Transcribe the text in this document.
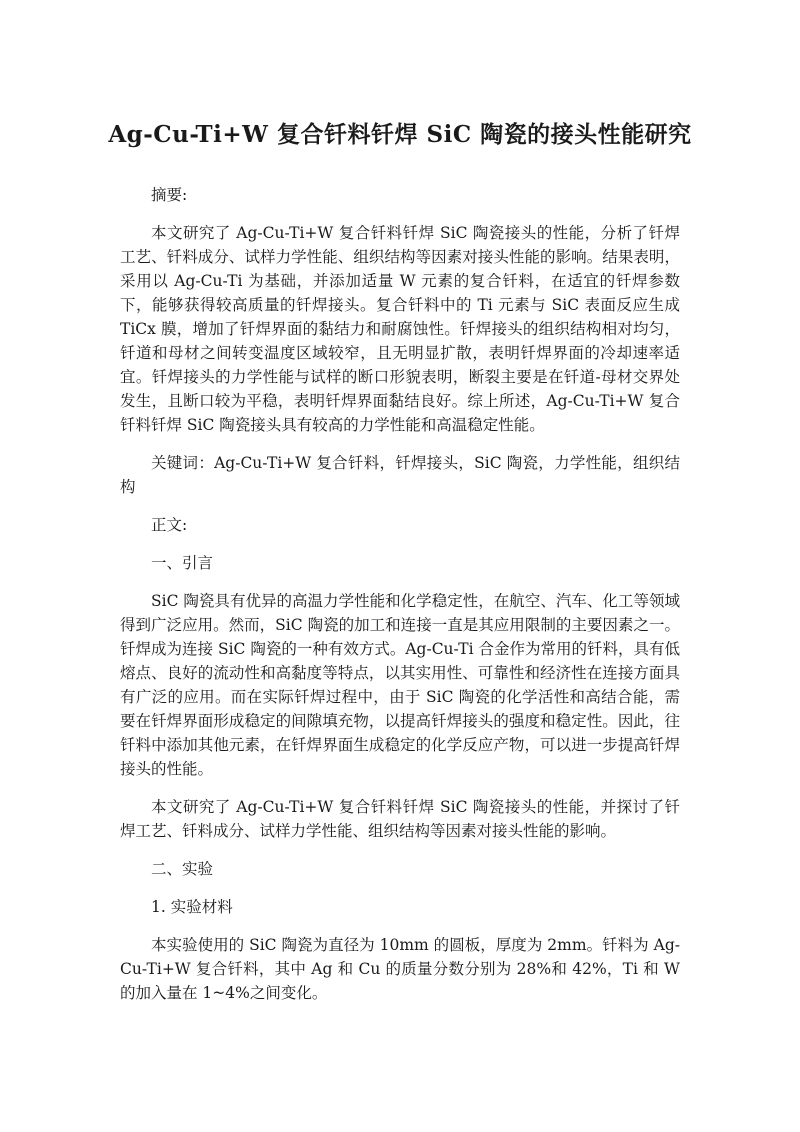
Ag-Cu-Ti+W 复合钎料钎焊 SiC 陶瓷的接头性能研究

摘要:

本文研究了 Ag-Cu-Ti+W 复合钎料钎焊 SiC 陶瓷接头的性能，分析了钎焊工艺、钎料成分、试样力学性能、组织结构等因素对接头性能的影响。结果表明，采用以 Ag-Cu-Ti 为基础，并添加适量 W 元素的复合钎料，在适宜的钎焊参数下，能够获得较高质量的钎焊接头。复合钎料中的 Ti 元素与 SiC 表面反应生成 TiCx 膜，增加了钎焊界面的黏结力和耐腐蚀性。钎焊接头的组织结构相对均匀，钎道和母材之间转变温度区域较窄，且无明显扩散，表明钎焊界面的冷却速率适宜。钎焊接头的力学性能与试样的断口形貌表明，断裂主要是在钎道-母材交界处发生，且断口较为平稳，表明钎焊界面黏结良好。综上所述，Ag-Cu-Ti+W 复合钎料钎焊 SiC 陶瓷接头具有较高的力学性能和高温稳定性能。

关键词：Ag-Cu-Ti+W 复合钎料，钎焊接头，SiC 陶瓷，力学性能，组织结构

正文:

一、引言

SiC 陶瓷具有优异的高温力学性能和化学稳定性，在航空、汽车、化工等领域得到广泛应用。然而，SiC 陶瓷的加工和连接一直是其应用限制的主要因素之一。钎焊成为连接 SiC 陶瓷的一种有效方式。Ag-Cu-Ti 合金作为常用的钎料，具有低熔点、良好的流动性和高黏度等特点，以其实用性、可靠性和经济性在连接方面具有广泛的应用。而在实际钎焊过程中，由于 SiC 陶瓷的化学活性和高结合能，需要在钎焊界面形成稳定的间隙填充物，以提高钎焊接头的强度和稳定性。因此，往钎料中添加其他元素，在钎焊界面生成稳定的化学反应产物，可以进一步提高钎焊接头的性能。

本文研究了 Ag-Cu-Ti+W 复合钎料钎焊 SiC 陶瓷接头的性能，并探讨了钎焊工艺、钎料成分、试样力学性能、组织结构等因素对接头性能的影响。

二、实验

1. 实验材料

本实验使用的 SiC 陶瓷为直径为 10mm 的圆板，厚度为 2mm。钎料为 Ag-Cu-Ti+W 复合钎料，其中 Ag 和 Cu 的质量分数分别为 28%和 42%，Ti 和 W 的加入量在 1~4%之间变化。
